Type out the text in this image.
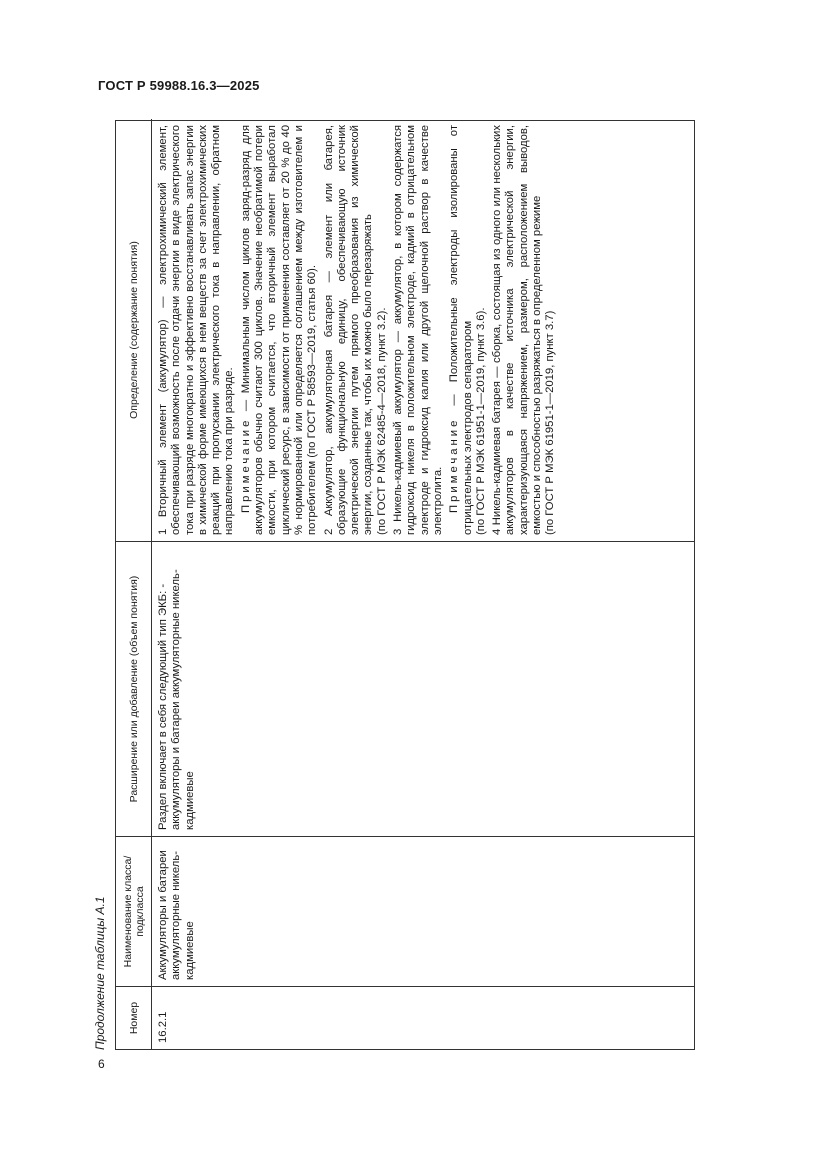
ГОСТ Р 59988.16.3—2025
Продолжение таблицы А.1	Номер
Наименование класса/ подкласса
Расширение или добавление (объем понятия)
Определение (содержание понятия)
16.2.1
Аккумуляторы и батареи аккумуляторные никель-кадмиевые
Раздел включает в себя следующий тип ЭКБ: - аккумуляторы и батареи аккумуляторные никель-кадмиевые

1 Вторичный элемент (аккумулятор) — электрохимический элемент, обеспечивающий возможность после отдачи энергии в виде электрического тока при разряде многократно и эффективно восстанавливать запас энергии в химической форме имеющихся в нем веществ за счет электрохимических реакций при пропускании электрического тока в направлении, обратном направлению тока при разряде. Примечание — Минимальным числом циклов заряд-разряд для аккумуляторов обычно считают 300 циклов. Значение необратимой потери емкости, при котором считается, что вторичный элемент выработал циклический ресурс, в зависимости от применения составляет от 20 % до 40 % нормированной или определяется соглашением между изготовителем и потребителем (по ГОСТ Р 58593—2019, статья 60). 2 Аккумулятор, аккумуляторная батарея — элемент или батарея, образующие функциональную единицу, обеспечивающую источник электрической энергии путем прямого преобразования из химической энергии, созданные так, чтобы их можно было перезаряжать
(по ГОСТ Р МЭК 62485-4—2018, пункт 3.2). 3 Никель-кадмиевый аккумулятор — аккумулятор, в котором содержатся гидроксид никеля в положительном электроде, кадмий в отрицательном электроде и гидроксид калия или другой щелочной раствор в качестве электролита. Примечание — Положительные электроды изолированы от отрицательных электродов сепаратором
(по ГОСТ Р МЭК 61951-1—2019, пункт 3.6). 4 Никель-кадмиевая батарея — сборка, состоящая из одного или нескольких аккумуляторов в качестве источника электрической энергии, характеризующаяся напряжением, размером, расположением выводов, емкостью и способностью разряжаться в определенном режиме
(по ГОСТ Р МЭК 61951-1—2019, пункт 3.7)

6
